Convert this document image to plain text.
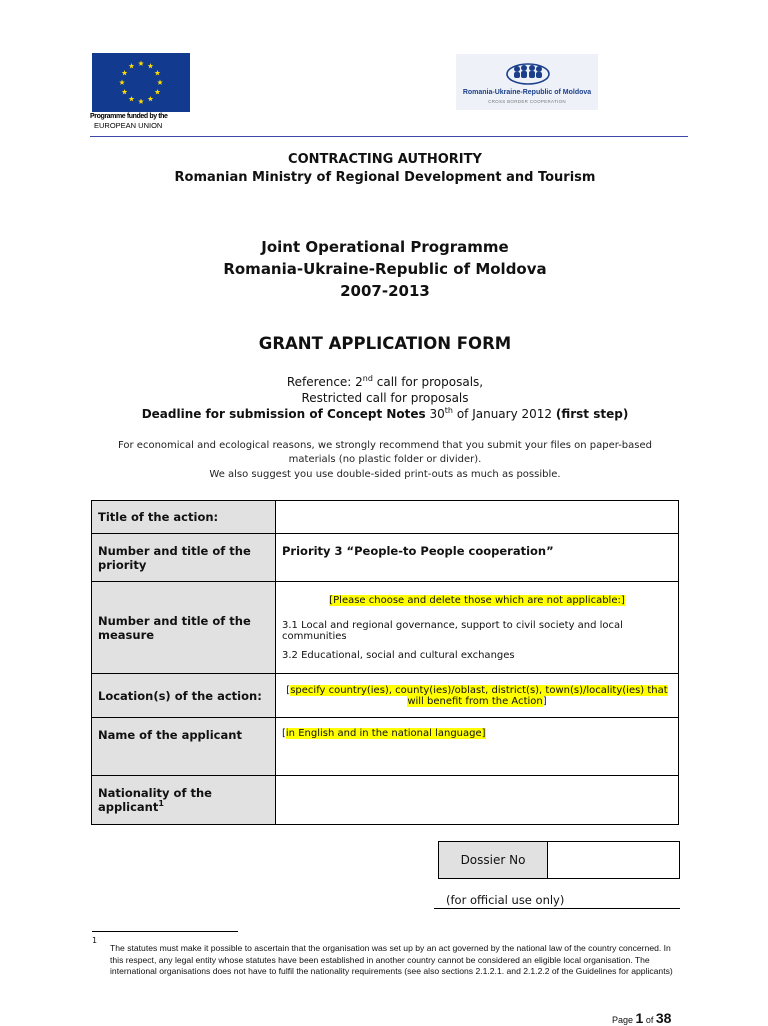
Programme funded by the
EUROPEAN UNION
Romania-Ukraine-Republic of Moldova
CROSS BORDER COOPERATION
CONTRACTING AUTHORITY
Romanian Ministry of Regional Development and Tourism
Joint Operational Programme
Romania-Ukraine-Republic of Moldova
2007-2013
GRANT APPLICATION FORM
Reference: 2nd call for proposals,
Restricted call for proposals
Deadline for submission of Concept Notes 30th of January 2012 (first step)
For economical and ecological reasons, we strongly recommend that you submit your files on paper-based
materials (no plastic folder or divider).
We also suggest you use double-sided print-outs as much as possible.
Title of the action:	
Number and title of the priority	Priority 3 “People-to People cooperation”
Number and title of the measure	[Please choose and delete those which are not applicable:]

3.1 Local and regional governance, support to civil society and local communities

3.2 Educational, social and cultural exchanges

Location(s) of the action:	[specify country(ies), county(ies)/oblast, district(s), town(s)/locality(ies) that will benefit from the Action]
Name of the applicant	[in English and in the national language]
Nationality of the applicant$^1$	
Dossier No	
(for official use only)
1
The statutes must make it possible to ascertain that the organisation was set up by an act governed by the national law of the country concerned. In this respect, any legal entity whose statutes have been established in another country cannot be considered an eligible local organisation. The international organisations does not have to fulfil the nationality requirements (see also sections 2.1.2.1. and 2.1.2.2 of the Guidelines for applicants)
Page 1 of 38
